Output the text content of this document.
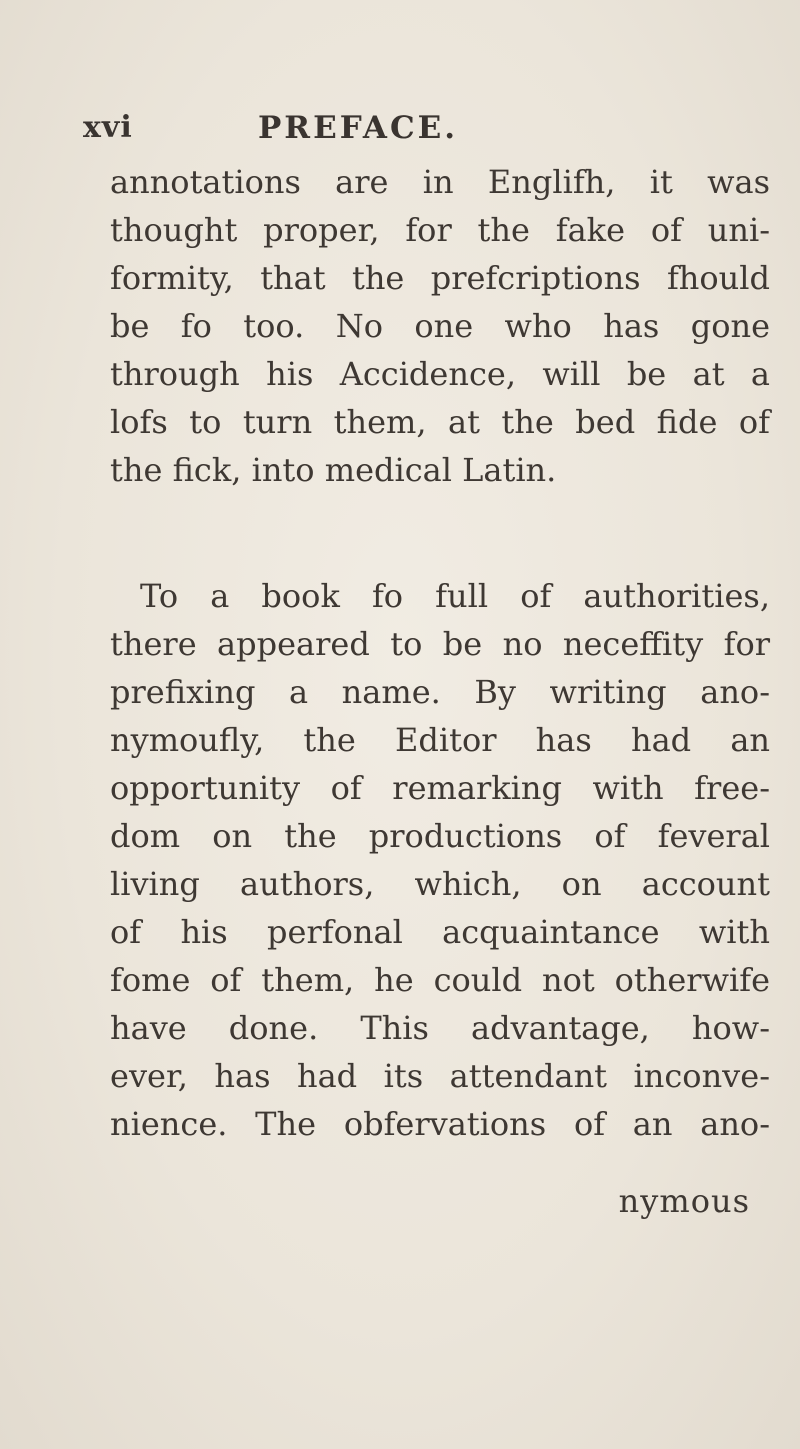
xvi	PREFACE.

annotations are in Englifh, it was
thought proper, for the fake of uni-
formity, that the prefcriptions fhould
be fo too. No one who has gone
through his Accidence, will be at a
lofs to turn them, at the bed fide of
the fick, into medical Latin.

To a book fo full of authorities,
there appeared to be no neceffity for
prefixing a name. By writing ano-
nymoufly, the Editor has had an
opportunity of remarking with free-
dom on the productions of feveral
living authors, which, on account
of his perfonal acquaintance with
fome of them, he could not otherwife
have done. This advantage, how-
ever, has had its attendant inconve-
nience. The obfervations of an ano-

nymous
